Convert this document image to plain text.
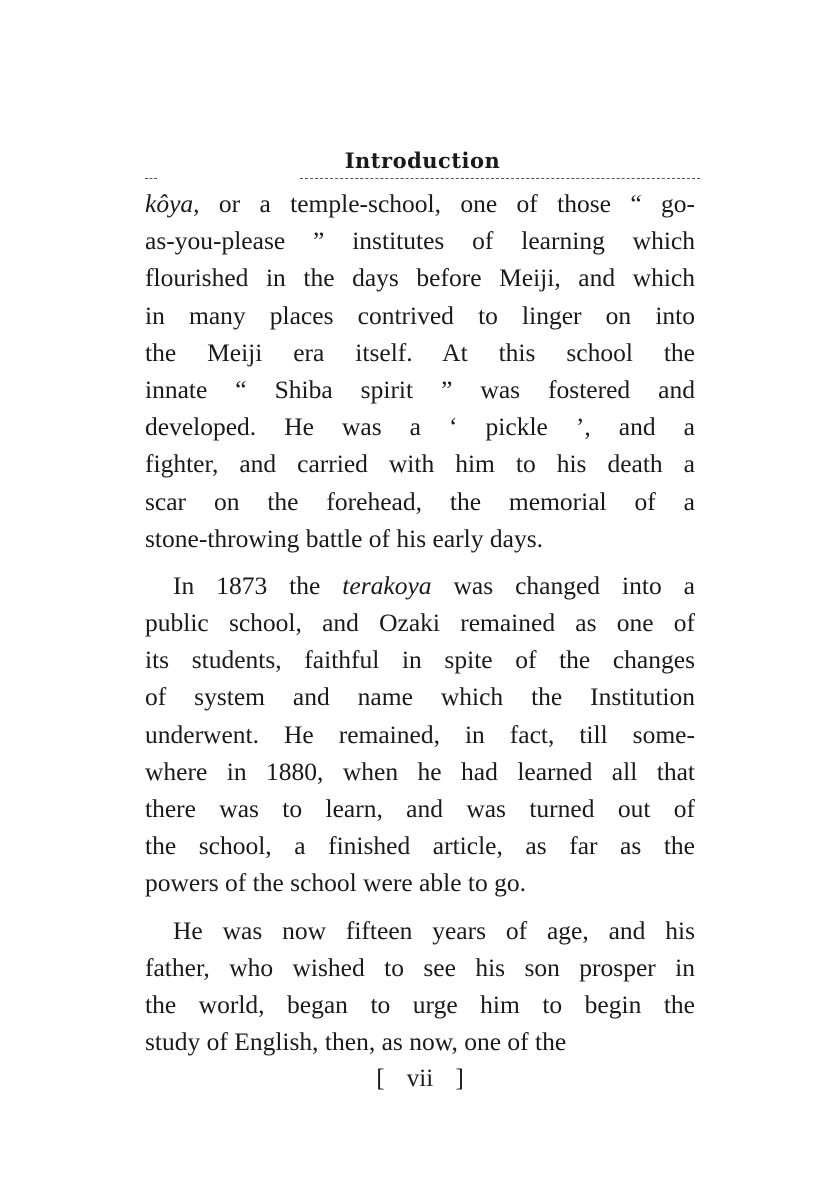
Introduction
kôya, or a temple-school, one of those “ go-
as-you-please ” institutes of learning which
flourished in the days before Meiji, and which
in many places contrived to linger on into
the Meiji era itself. At this school the
innate “ Shiba spirit ” was fostered and
developed. He was a ‘ pickle ’, and a
fighter, and carried with him to his death a
scar on the forehead, the memorial of a
stone-throwing battle of his early days.
In 1873 the terakoya was changed into a
public school, and Ozaki remained as one of
its students, faithful in spite of the changes
of system and name which the Institution
underwent. He remained, in fact, till some-
where in 1880, when he had learned all that
there was to learn, and was turned out of
the school, a finished article, as far as the
powers of the school were able to go.
He was now fifteen years of age, and his
father, who wished to see his son prosper in
the world, began to urge him to begin the
study of English, then, as now, one of the
[ vii ]
